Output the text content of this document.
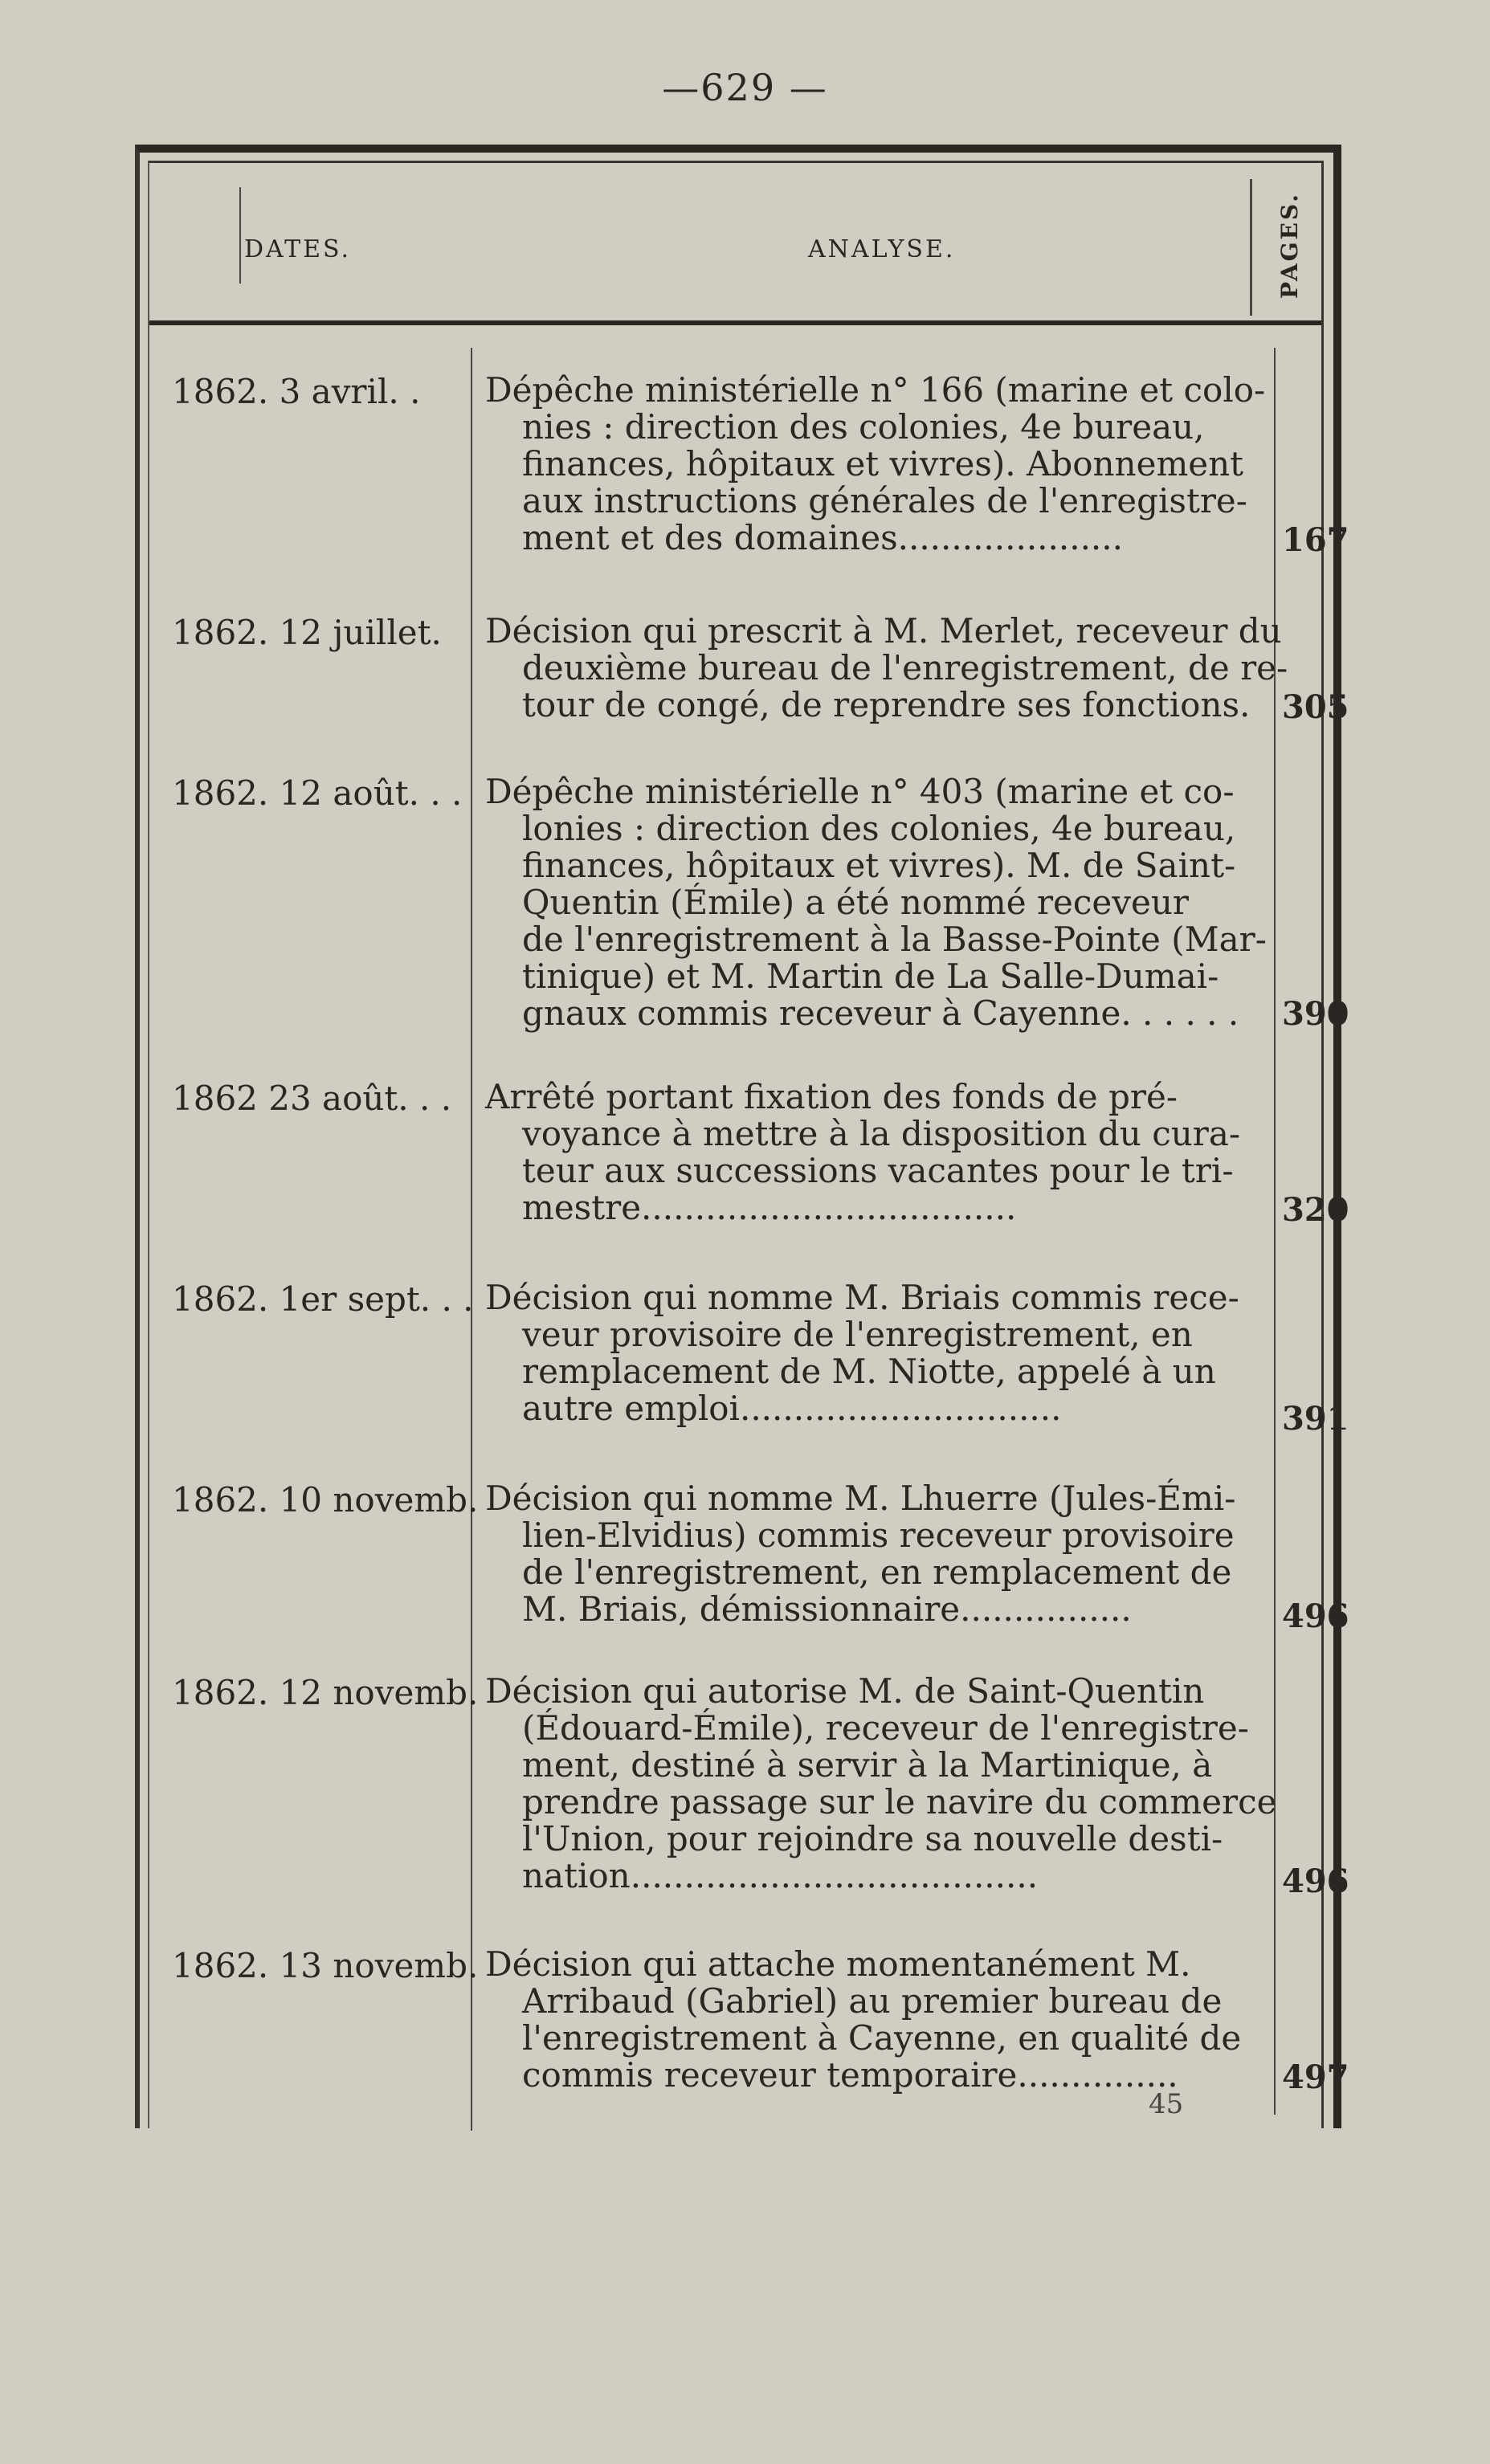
—629 —
DATES.	ANALYSE.	PAGES.
1862. 3 avril. . Dépêche ministérielle n° 166 (marine et colo-
nies : direction des colonies, 4e bureau,
finances, hôpitaux et vivres). Abonnement
aux instructions générales de l'enregistre-
ment et des domaines.....................	167
1862. 12 juillet. Décision qui prescrit à M. Merlet, receveur du
deuxième bureau de l'enregistrement, de re-
tour de congé, de reprendre ses fonctions. 305
1862. 12 août. . . Dépêche ministérielle n° 403 (marine et co-
lonies : direction des colonies, 4e bureau,
finances, hôpitaux et vivres). M. de Saint-
Quentin (Émile) a été nommé receveur
de l'enregistrement à la Basse-Pointe (Mar-
tinique) et M. Martin de La Salle-Dumai-
gnaux commis receveur à Cayenne. . . . . .	390
1862 23 août. . . Arrêté portant fixation des fonds de pré-
voyance à mettre à la disposition du cura-
teur aux successions vacantes pour le tri-
mestre...................................	320
1862. 1er sept. . . Décision qui nomme M. Briais commis rece-
veur provisoire de l'enregistrement, en
remplacement de M. Niotte, appelé à un
autre emploi..............................	391
1862. 10 novemb. Décision qui nomme M. Lhuerre (Jules-Émi-
lien-Elvidius) commis receveur provisoire
de l'enregistrement, en remplacement de
M. Briais, démissionnaire................	496
1862. 12 novemb. Décision qui autorise M. de Saint-Quentin
(Édouard-Émile), receveur de l'enregistre-
ment, destiné à servir à la Martinique, à
prendre passage sur le navire du commerce
l'Union, pour rejoindre sa nouvelle desti-
nation......................................	496
1862. 13 novemb. Décision qui attache momentanément M.
Arribaud (Gabriel) au premier bureau de
l'enregistrement à Cayenne, en qualité de
commis receveur temporaire...............	497
45
